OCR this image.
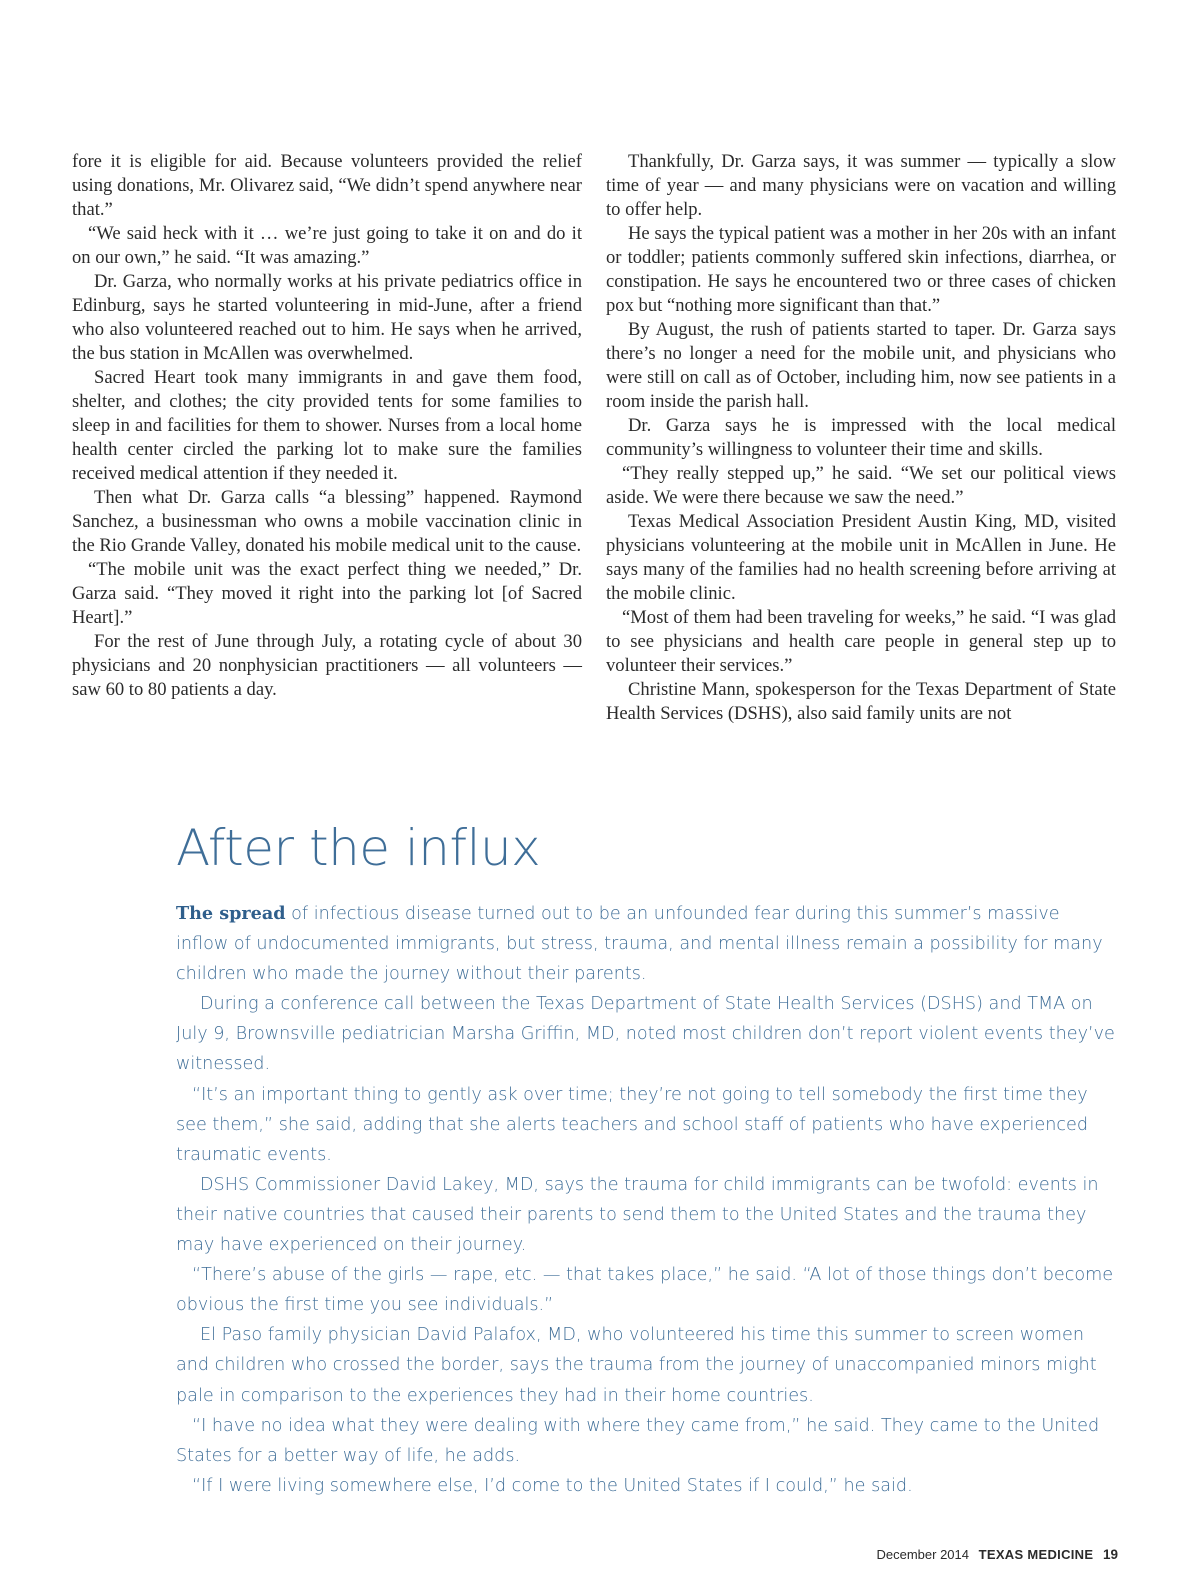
fore it is eligible for aid. Because volunteers provided the relief using donations, Mr. Olivarez said, “We didn’t spend anywhere near that.”

“We said heck with it … we’re just going to take it on and do it on our own,” he said. “It was amazing.”

Dr. Garza, who normally works at his private pediatrics office in Edinburg, says he started volunteering in mid-June, after a friend who also volunteered reached out to him. He says when he arrived, the bus station in McAllen was overwhelmed.

Sacred Heart took many immigrants in and gave them food, shelter, and clothes; the city provided tents for some families to sleep in and facilities for them to shower. Nurses from a local home health center circled the parking lot to make sure the families received medical attention if they needed it.

Then what Dr. Garza calls “a blessing” happened. Raymond Sanchez, a businessman who owns a mobile vaccination clinic in the Rio Grande Valley, donated his mobile medical unit to the cause.

“The mobile unit was the exact perfect thing we needed,” Dr. Garza said. “They moved it right into the parking lot [of Sacred Heart].”

For the rest of June through July, a rotating cycle of about 30 physicians and 20 nonphysician practitioners — all volunteers — saw 60 to 80 patients a day.

Thankfully, Dr. Garza says, it was summer — typically a slow time of year — and many physicians were on vacation and willing to offer help.

He says the typical patient was a mother in her 20s with an infant or toddler; patients commonly suffered skin infections, diarrhea, or constipation. He says he encountered two or three cases of chicken pox but “nothing more significant than that.”

By August, the rush of patients started to taper. Dr. Garza says there’s no longer a need for the mobile unit, and physicians who were still on call as of October, including him, now see patients in a room inside the parish hall.

Dr. Garza says he is impressed with the local medical community’s willingness to volunteer their time and skills.

“They really stepped up,” he said. “We set our political views aside. We were there because we saw the need.”

Texas Medical Association President Austin King, MD, visited physicians volunteering at the mobile unit in McAllen in June. He says many of the families had no health screening before arriving at the mobile clinic.

“Most of them had been traveling for weeks,” he said. “I was glad to see physicians and health care people in general step up to volunteer their services.”

Christine Mann, spokesperson for the Texas Department of State Health Services (DSHS), also said family units are not

After the influx

The spread of infectious disease turned out to be an unfounded fear during this summer’s massive inflow of undocumented immigrants, but stress, trauma, and mental illness remain a possibility for many children who made the journey without their parents.

During a conference call between the Texas Department of State Health Services (DSHS) and TMA on July 9, Brownsville pediatrician Marsha Griffin, MD, noted most children don’t report violent events they’ve witnessed.

“It’s an important thing to gently ask over time; they’re not going to tell somebody the first time they see them,” she said, adding that she alerts teachers and school staff of patients who have experienced traumatic events.

DSHS Commissioner David Lakey, MD, says the trauma for child immigrants can be twofold: events in their native countries that caused their parents to send them to the United States and the trauma they may have experienced on their journey.

“There’s abuse of the girls — rape, etc. — that takes place,” he said. “A lot of those things don’t become obvious the first time you see individuals.”

El Paso family physician David Palafox, MD, who volunteered his time this summer to screen women and children who crossed the border, says the trauma from the journey of unaccompanied minors might pale in comparison to the experiences they had in their home countries.

“I have no idea what they were dealing with where they came from,” he said. They came to the United States for a better way of life, he adds.

“If I were living somewhere else, I’d come to the United States if I could,” he said.

December 2014 TEXAS MEDICINE 19
